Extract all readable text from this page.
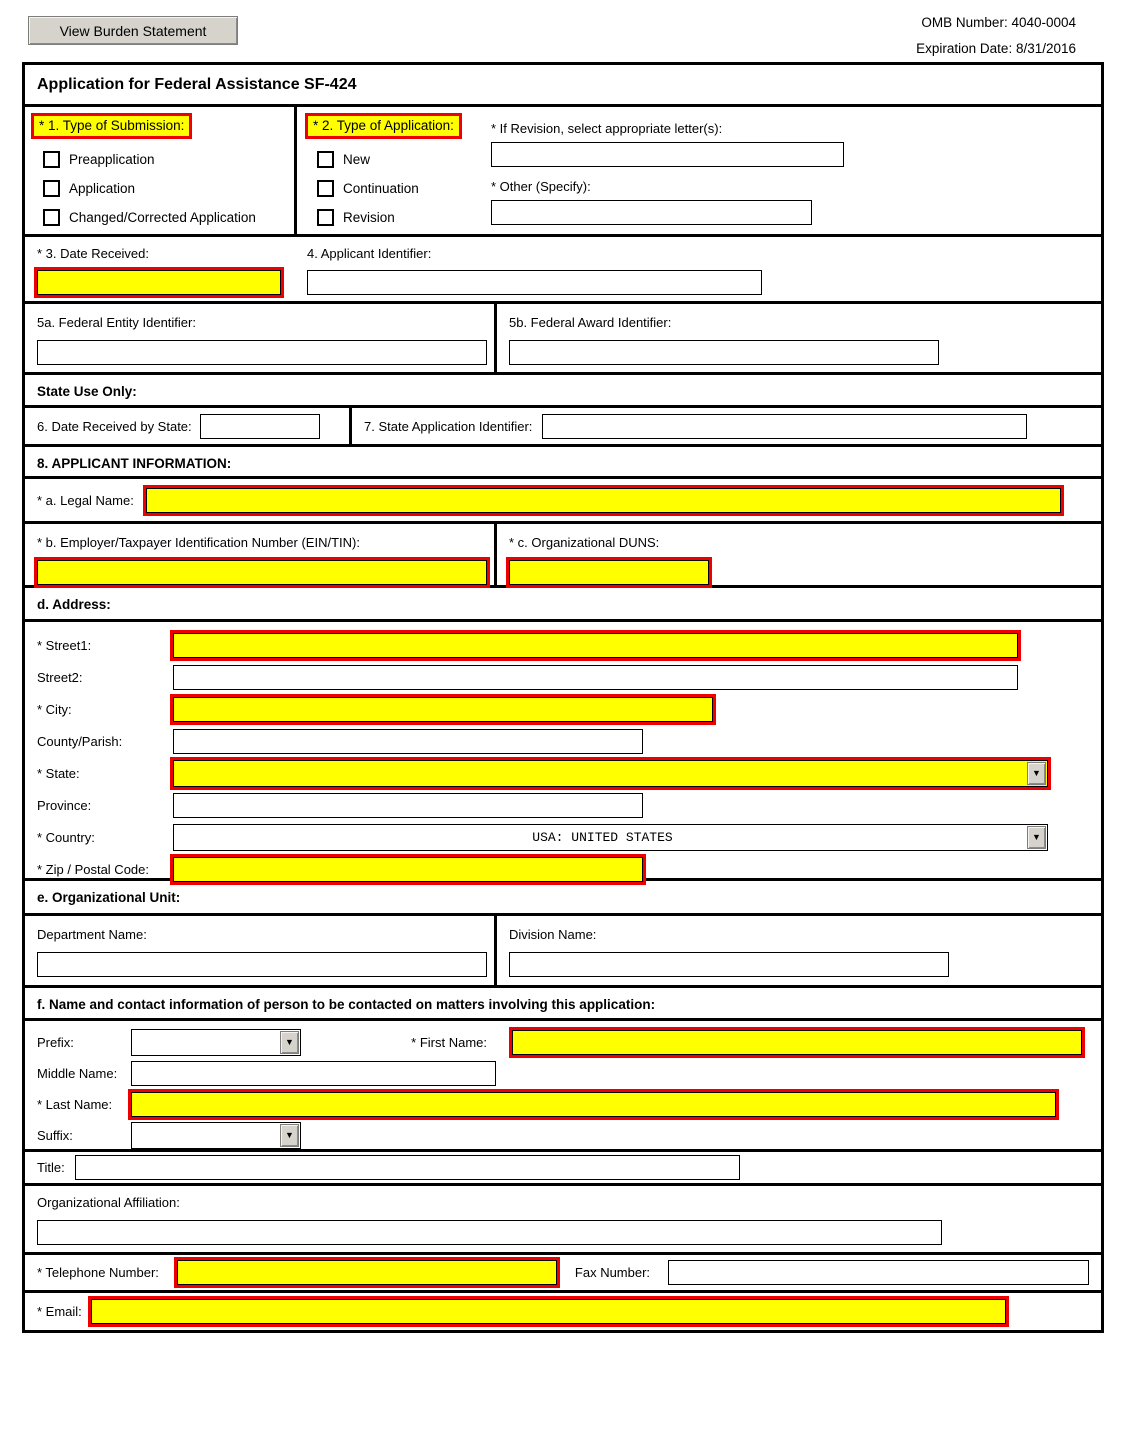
View Burden Statement	OMB Number: 4040-0004
Expiration Date: 8/31/2016
Application for Federal Assistance SF-424
* 1. Type of Submission:
Preapplication
Application
Changed/Corrected Application
* 2. Type of Application:
New
Continuation
Revision
* If Revision, select appropriate letter(s):
* Other (Specify):
* 3. Date Received:	4. Applicant Identifier:
5a. Federal Entity Identifier:	5b. Federal Award Identifier:
State Use Only:
6. Date Received by State:	7. State Application Identifier:
8. APPLICANT INFORMATION:
* a. Legal Name:
* b. Employer/Taxpayer Identification Number (EIN/TIN):	* c. Organizational DUNS:
d. Address:
* Street1:
Street2:
* City:
County/Parish:
* State:
▼
Province:
* Country:	USA: UNITED STATES
▼
* Zip / Postal Code:
e. Organizational Unit:
Department Name:	Division Name:
f. Name and contact information of person to be contacted on matters involving this application:
Prefix: ▼	* First Name:
Middle Name:
* Last Name:
Suffix:
▼
Title:
Organizational Affiliation:
* Telephone Number:	Fax Number:
* Email:
